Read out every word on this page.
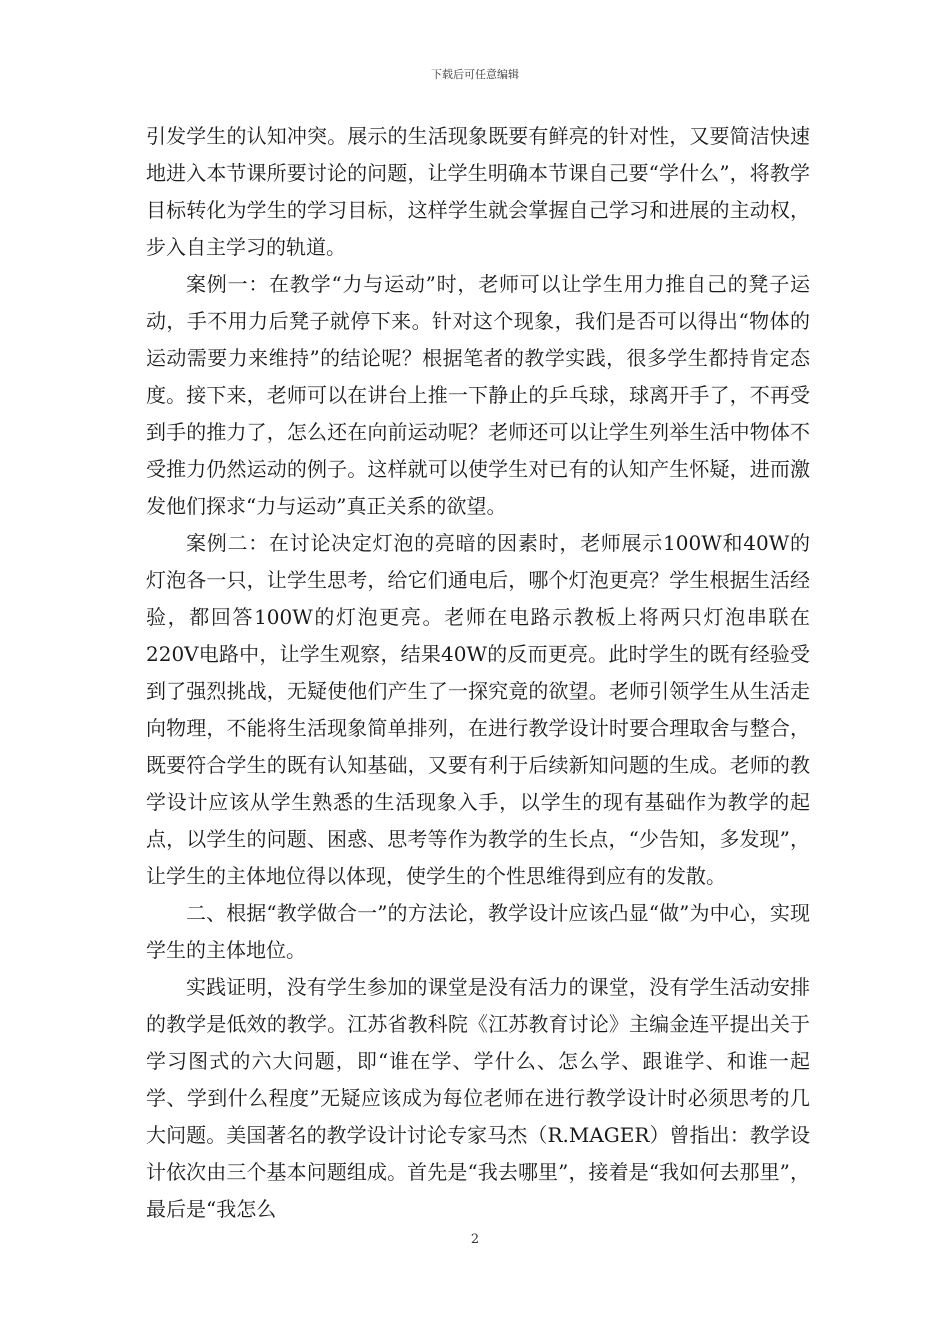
下载后可任意编辑

引发学生的认知冲突。展示的生活现象既要有鲜亮的针对性，又要简洁快速地进入本节课所要讨论的问题，让学生明确本节课自己要“学什么”，将教学目标转化为学生的学习目标，这样学生就会掌握自己学习和进展的主动权，步入自主学习的轨道。

案例一：在教学“力与运动”时，老师可以让学生用力推自己的凳子运动，手不用力后凳子就停下来。针对这个现象，我们是否可以得出“物体的运动需要力来维持”的结论呢？根据笔者的教学实践，很多学生都持肯定态度。接下来，老师可以在讲台上推一下静止的乒乓球，球离开手了，不再受到手的推力了，怎么还在向前运动呢？老师还可以让学生列举生活中物体不受推力仍然运动的例子。这样就可以使学生对已有的认知产生怀疑，进而激发他们探求“力与运动”真正关系的欲望。

案例二：在讨论决定灯泡的亮暗的因素时，老师展示100W和40W的灯泡各一只，让学生思考，给它们通电后，哪个灯泡更亮？学生根据生活经验，都回答100W的灯泡更亮。老师在电路示教板上将两只灯泡串联在220V电路中，让学生观察，结果40W的反而更亮。此时学生的既有经验受到了强烈挑战，无疑使他们产生了一探究竟的欲望。老师引领学生从生活走向物理，不能将生活现象简单排列，在进行教学设计时要合理取舍与整合，既要符合学生的既有认知基础，又要有利于后续新知问题的生成。老师的教学设计应该从学生熟悉的生活现象入手，以学生的现有基础作为教学的起点，以学生的问题、困惑、思考等作为教学的生长点，“少告知，多发现”，让学生的主体地位得以体现，使学生的个性思维得到应有的发散。

二、根据“教学做合一”的方法论，教学设计应该凸显“做”为中心，实现学生的主体地位。

实践证明，没有学生参加的课堂是没有活力的课堂，没有学生活动安排的教学是低效的教学。江苏省教科院《江苏教育讨论》主编金连平提出关于学习图式的六大问题，即“谁在学、学什么、怎么学、跟谁学、和谁一起学、学到什么程度”无疑应该成为每位老师在进行教学设计时必须思考的几大问题。美国著名的教学设计讨论专家马杰（R.MAGER）曾指出：教学设计依次由三个基本问题组成。首先是“我去哪里”，接着是“我如何去那里”，最后是“我怎么

2
